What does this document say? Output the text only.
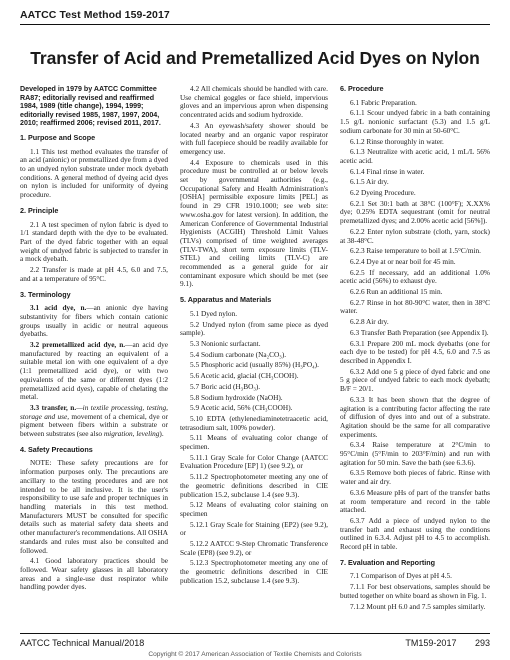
AATCC Test Method 159-2017
Transfer of Acid and Premetallized Acid Dyes on Nylon
Developed in 1979 by AATCC Committee RA87; editorially revised and reaffirmed 1984, 1989 (title change), 1994, 1999; editorially revised 1985, 1987, 1997, 2004, 2010; reaffirmed 2006; revised 2011, 2017.
1. Purpose and Scope

1.1 This test method evaluates the transfer of an acid (anionic) or premetallized dye from a dyed to an undyed nylon substrate under mock dyebath conditions. A general method of dyeing acid dyes on nylon is included for uniformity of dyeing procedure.

2. Principle

2.1 A test specimen of nylon fabric is dyed to 1/1 standard depth with the dye to be evaluated. Part of the dyed fabric together with an equal weight of undyed fabric is subjected to transfer in a mock dyebath.

2.2 Transfer is made at pH 4.5, 6.0 and 7.5, and at a temperature of 95°C.

3. Terminology

3.1 acid dye, n.—an anionic dye having substantivity for fibers which contain cationic groups usually in acidic or neutral aqueous dyebaths.

3.2 premetallized acid dye, n.—an acid dye manufactured by reacting an equivalent of a suitable metal ion with one equivalent of a dye (1:1 premetallized acid dye), or with two equivalents of the same or different dyes (1:2 premetallized acid dyes), capable of chelating the metal.

3.3 transfer, n.—in textile processing, testing, storage and use, movement of a chemical, dye or pigment between fibers within a substrate or between substrates (see also migration, leveling).

4. Safety Precautions

NOTE: These safety precautions are for information purposes only. The precautions are ancillary to the testing procedures and are not intended to be all inclusive. It is the user's responsibility to use safe and proper techniques in handling materials in this test method. Manufacturers MUST be consulted for specific details such as material safety data sheets and other manufacturer's recommendations. All OSHA standards and rules must also be consulted and followed.

4.1 Good laboratory practices should be followed. Wear safety glasses in all laboratory areas and a single-use dust respirator while handling powder dyes.

4.2 All chemicals should be handled with care. Use chemical goggles or face shield, impervious gloves and an impervious apron when dispensing concentrated acids and sodium hydroxide.

4.3 An eyewash/safety shower should be located nearby and an organic vapor respirator with full facepiece should be readily available for emergency use.

4.4 Exposure to chemicals used in this procedure must be controlled at or below levels set by governmental authorities (e.g., Occupational Safety and Health Administration's [OSHA] permissible exposure limits [PEL] as found in 29 CFR 1910.1000; see web site: www.osha.gov for latest version). In addition, the American Conference of Governmental Industrial Hygienists (ACGIH) Threshold Limit Values (TLVs) comprised of time weighted averages (TLV-TWA), short term exposure limits (TLV-STEL) and ceiling limits (TLV-C) are recommended as a general guide for air contaminant exposure which should be met (see 9.1).

5. Apparatus and Materials

5.1 Dyed nylon.

5.2 Undyed nylon (from same piece as dyed sample).

5.3 Nonionic surfactant.

5.4 Sodium carbonate (Na₂CO₃).

5.5 Phosphoric acid (usually 85%) (H₃PO₄).

5.6 Acetic acid, glacial (CH₃COOH).

5.7 Boric acid (H₃BO₃).

5.8 Sodium hydroxide (NaOH).

5.9 Acetic acid, 56% (CH₃COOH).

5.10 EDTA (ethylenediaminetetraacetic acid, tetrasodium salt, 100% powder).

5.11 Means of evaluating color change of specimen.

5.11.1 Gray Scale for Color Change (AATCC Evaluation Procedure [EP] 1) (see 9.2), or

5.11.2 Spectrophotometer meeting any one of the geometric definitions described in CIE publication 15.2, subclause 1.4 (see 9.3).

5.12 Means of evaluating color staining on specimen

5.12.1 Gray Scale for Staining (EP2) (see 9.2), or

5.12.2 AATCC 9-Step Chromatic Transference Scale (EP8) (see 9.2), or

5.12.3 Spectrophotometer meeting any one of the geometric definitions described in CIE publication 15.2, subclause 1.4 (see 9.3).

6. Procedure

6.1 Fabric Preparation.

6.1.1 Scour undyed fabric in a bath containing 1.5 g/L nonionic surfactant (5.3) and 1.5 g/L sodium carbonate for 30 min at 50-60°C.

6.1.2 Rinse thoroughly in water.

6.1.3 Neutralize with acetic acid, 1 mL/L 56% acetic acid.

6.1.4 Final rinse in water.

6.1.5 Air dry.

6.2 Dyeing Procedure.

6.2.1 Set 30:1 bath at 38°C (100°F); X.XX% dye; 0.25% EDTA sequestrant (omit for neutral premetallized dyes; and 2.00% acetic acid [56%]).

6.2.2 Enter nylon substrate (cloth, yarn, stock) at 38-48°C.

6.2.3 Raise temperature to boil at 1.5°C/min.

6.2.4 Dye at or near boil for 45 min.

6.2.5 If necessary, add an additional 1.0% acetic acid (56%) to exhaust dye.

6.2.6 Run an additional 15 min.

6.2.7 Rinse in hot 80-90°C water, then in 38°C water.

6.2.8 Air dry.

6.3 Transfer Bath Preparation (see Appendix I).

6.3.1 Prepare 200 mL mock dyebaths (one for each dye to be tested) for pH 4.5, 6.0 and 7.5 as described in Appendix I.

6.3.2 Add one 5 g piece of dyed fabric and one 5 g piece of undyed fabric to each mock dyebath; B/F = 20/1.

6.3.3 It has been shown that the degree of agitation is a contributing factor affecting the rate of diffusion of dyes into and out of a substrate. Agitation should be the same for all comparative experiments.

6.3.4 Raise temperature at 2°C/min to 95°C/min (5°F/min to 203°F/min) and run with agitation for 50 min. Save the bath (see 6.3.6).

6.3.5 Remove both pieces of fabric. Rinse with water and air dry.

6.3.6 Measure pHs of part of the transfer baths at room temperature and record in the table attached.

6.3.7 Add a piece of undyed nylon to the transfer bath and exhaust using the conditions outlined in 6.3.4. Adjust pH to 4.5 to accomplish. Record pH in table.

7. Evaluation and Reporting

7.1 Comparison of Dyes at pH 4.5.

7.1.1 For best observations, samples should be butted together on white board as shown in Fig. 1.

7.1.2 Mount pH 6.0 and 7.5 samples similarly.

AATCC Technical Manual/2018	TM159-2017 293
Copyright © 2017 American Association of Textile Chemists and Colorists
